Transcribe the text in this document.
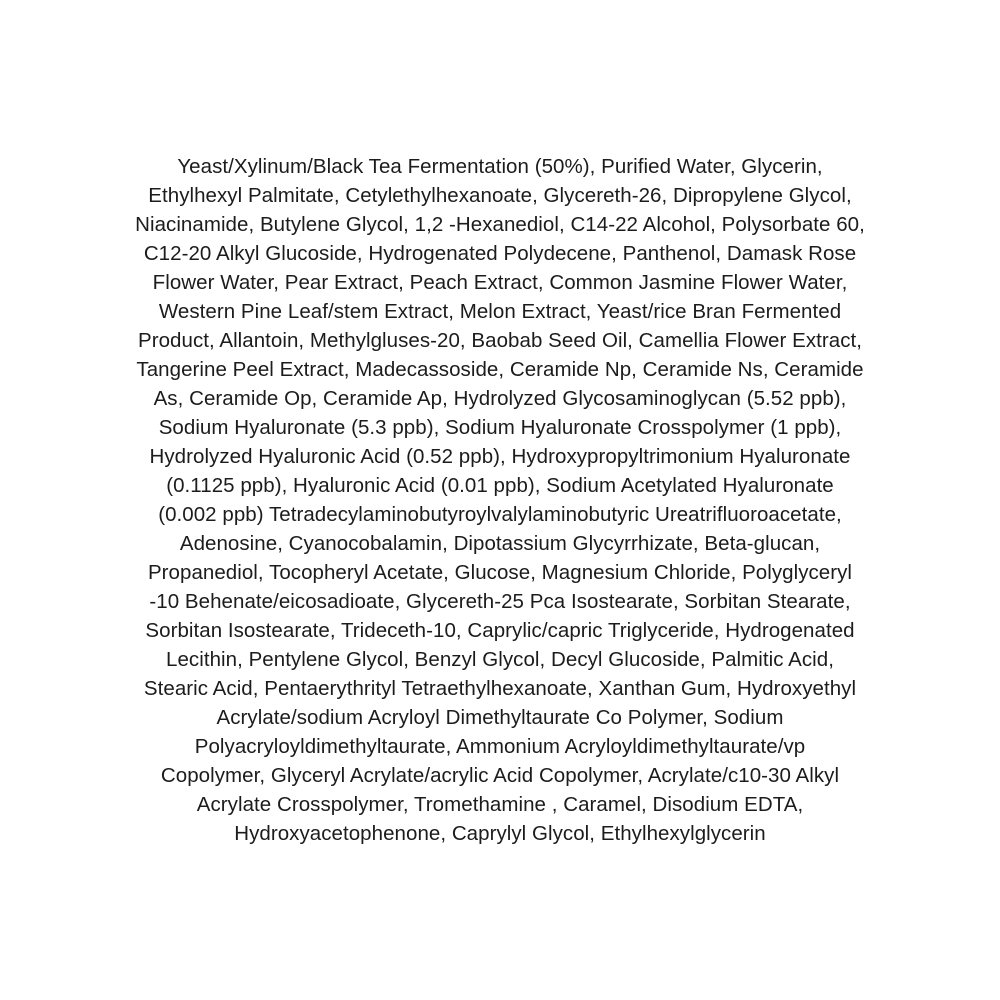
Yeast/Xylinum/Black Tea Fermentation (50%), Purified Water, Glycerin,
Ethylhexyl Palmitate, Cetylethylhexanoate, Glycereth-26, Dipropylene Glycol,
Niacinamide, Butylene Glycol, 1,2 -Hexanediol, C14-22 Alcohol, Polysorbate 60,
C12-20 Alkyl Glucoside, Hydrogenated Polydecene, Panthenol, Damask Rose
Flower Water, Pear Extract, Peach Extract, Common Jasmine Flower Water,
Western Pine Leaf/stem Extract, Melon Extract, Yeast/rice Bran Fermented
Product, Allantoin, Methylgluses-20, Baobab Seed Oil, Camellia Flower Extract,
Tangerine Peel Extract, Madecassoside, Ceramide Np, Ceramide Ns, Ceramide
As, Ceramide Op, Ceramide Ap, Hydrolyzed Glycosaminoglycan (5.52 ppb),
Sodium Hyaluronate (5.3 ppb), Sodium Hyaluronate Crosspolymer (1 ppb),
Hydrolyzed Hyaluronic Acid (0.52 ppb), Hydroxypropyltrimonium Hyaluronate
(0.1125 ppb), Hyaluronic Acid (0.01 ppb), Sodium Acetylated Hyaluronate
(0.002 ppb) Tetradecylaminobutyroylvalylaminobutyric Ureatrifluoroacetate,
Adenosine, Cyanocobalamin, Dipotassium Glycyrrhizate, Beta-glucan,
Propanediol, Tocopheryl Acetate, Glucose, Magnesium Chloride, Polyglyceryl
-10 Behenate/eicosadioate, Glycereth-25 Pca Isostearate, Sorbitan Stearate,
Sorbitan Isostearate, Trideceth-10, Caprylic/capric Triglyceride, Hydrogenated
Lecithin, Pentylene Glycol, Benzyl Glycol, Decyl Glucoside, Palmitic Acid,
Stearic Acid, Pentaerythrityl Tetraethylhexanoate, Xanthan Gum, Hydroxyethyl
Acrylate/sodium Acryloyl Dimethyltaurate Co Polymer, Sodium
Polyacryloyldimethyltaurate, Ammonium Acryloyldimethyltaurate/vp
Copolymer, Glyceryl Acrylate/acrylic Acid Copolymer, Acrylate/c10-30 Alkyl
Acrylate Crosspolymer, Tromethamine , Caramel, Disodium EDTA,
Hydroxyacetophenone, Caprylyl Glycol, Ethylhexylglycerin
